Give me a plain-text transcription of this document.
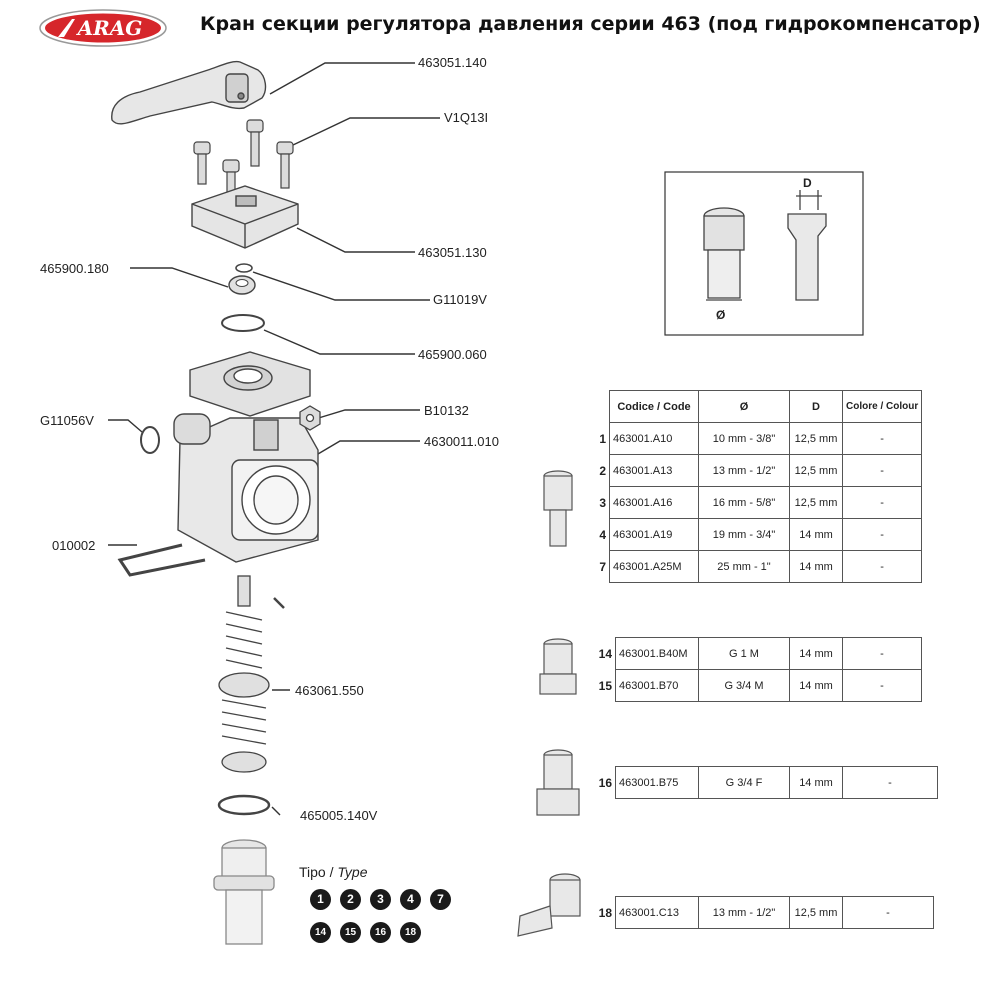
ARAG	Кран секции регулятора давления серии 463 (под гидрокомпенсатор)
463051.140
V1Q13I
463051.130
465900.180
G11019V
465900.060
G11056V
B10132
4630011.010
010002
463061.550
465005.140V
D
Ø
Tipo / Type
1	2	3	4	7
14	15	16	18
	Codice / Code	Ø	D	Colore / Colour
1	463001.A10	10 mm - 3/8"	12,5 mm	-
2	463001.A13	13 mm - 1/2"	12,5 mm	-
3	463001.A16	16 mm - 5/8"	12,5 mm	-
4	463001.A19	19 mm - 3/4"	14 mm	-
7	463001.A25M	25 mm - 1"	14 mm	-
14	463001.B40M	G 1 M	14 mm	-
15	463001.B70	G 3/4 M	14 mm	-
16	463001.B75	G 3/4 F	14 mm	-
18	463001.C13	13 mm - 1/2"	12,5 mm	-
